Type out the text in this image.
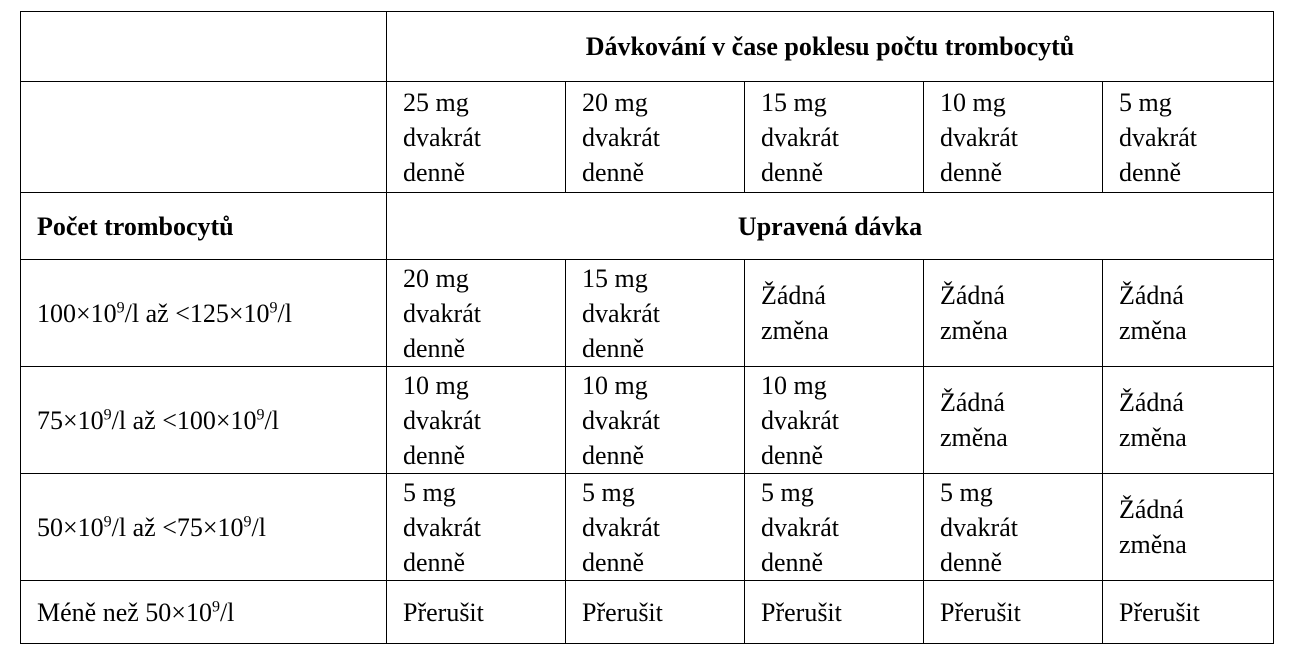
	Dávkování v čase poklesu počtu trombocytů				
	25 mg
dvakrát
denně	20 mg
dvakrát
denně	15 mg
dvakrát
denně	10 mg
dvakrát
denně	5 mg
dvakrát
denně
Počet trombocytů	Upravená dávka				
$100\times 10^9/l$ až $<125\times 10^9/l$	20 mg
dvakrát
denně	15 mg
dvakrát
denně	Žádná
změna	Žádná
změna	Žádná
změna
$75\times 10^9/l$ až $<100\times 10^9/l$	10 mg
dvakrát
denně	10 mg
dvakrát
denně	10 mg
dvakrát
denně	Žádná
změna	Žádná
změna
$50\times 10^9/l$ až $<75\times 10^9/l$	5 mg
dvakrát
denně	5 mg
dvakrát
denně	5 mg
dvakrát
denně	5 mg
dvakrát
denně	Žádná
změna
Méně než $50\times 10^9/l$	Přerušit	Přerušit	Přerušit	Přerušit	Přerušit
